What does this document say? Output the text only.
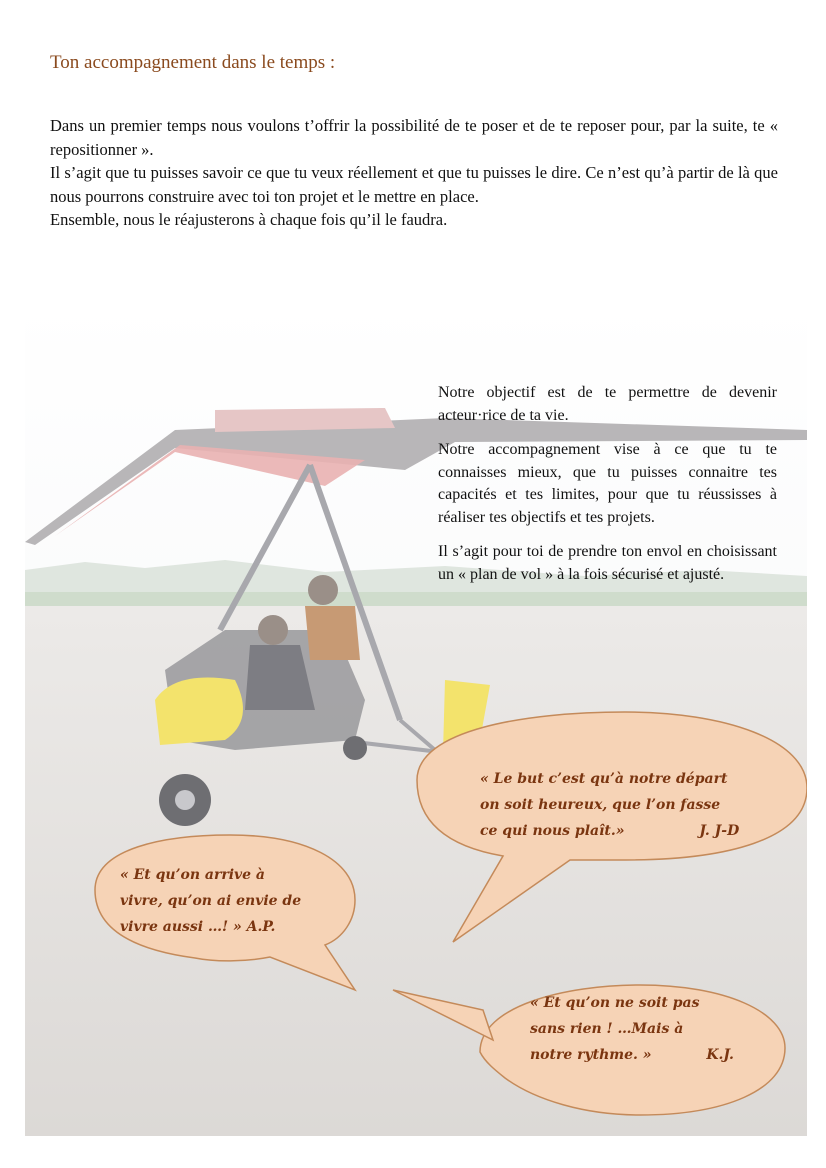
Ton accompagnement dans le temps :

Dans un premier temps nous voulons t’offrir la possibilité de te poser et de te reposer pour, par la suite, te « repositionner ».

Il s’agit que tu puisses savoir ce que tu veux réellement et que tu puisses le dire. Ce n’est qu’à partir de là que nous pourrons construire avec toi ton projet et le mettre en place.

Ensemble, nous le réajusterons à chaque fois qu’il le faudra.

Notre objectif est de te permettre de devenir acteur·rice de ta vie.

Notre accompagnement vise à ce que tu te connaisses mieux, que tu puisses connaitre tes capacités et tes limites, pour que tu réussisses à réaliser tes objectifs et tes projets.

Il s’agit pour toi de prendre ton envol en choisissant un « plan de vol » à la fois sécurisé et ajusté.

« Le but c’est qu’à notre départ
on soit heureux, que l’on fasse
ce qui nous plaît.»	J. J-D
« Et qu’on arrive à
vivre, qu’on ai envie de
vivre aussi …! » A.P.
« Et qu’on ne soit pas
sans rien ! …Mais à
notre rythme. »	K.J.
